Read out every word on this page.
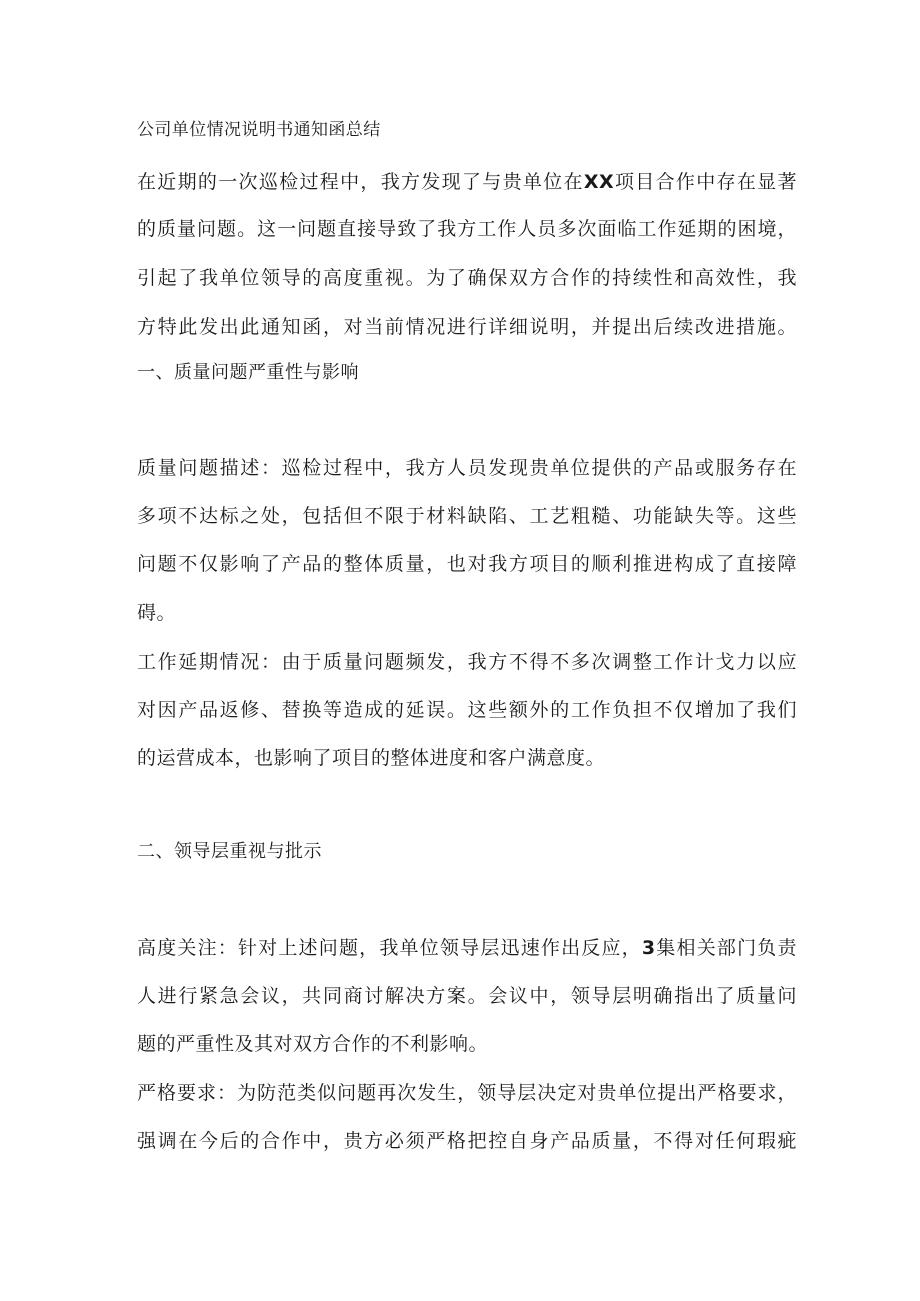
公司单位情况说明书通知函总结
在近期的一次巡检过程中，我方发现了与贵单位在XX项目合作中存在显著
的质量问题。这一问题直接导致了我方工作人员多次面临工作延期的困境，
引起了我单位领导的高度重视。为了确保双方合作的持续性和高效性，我
方特此发出此通知函，对当前情况进行详细说明，并提出后续改进措施。
一、质量问题严重性与影响
质量问题描述：巡检过程中，我方人员发现贵单位提供的产品或服务存在
多项不达标之处，包括但不限于材料缺陷、工艺粗糙、功能缺失等。这些
问题不仅影响了产品的整体质量，也对我方项目的顺利推进构成了直接障
碍。
工作延期情况：由于质量问题频发，我方不得不多次调整工作计戈力以应
对因产品返修、替换等造成的延误。这些额外的工作负担不仅增加了我们
的运营成本，也影响了项目的整体进度和客户满意度。
二、领导层重视与批示
高度关注：针对上述问题，我单位领导层迅速作出反应，3集相关部门负责
人进行紧急会议，共同商讨解决方案。会议中，领导层明确指出了质量问
题的严重性及其对双方合作的不利影响。
严格要求：为防范类似问题再次发生，领导层决定对贵单位提出严格要求，
强调在今后的合作中，贵方必须严格把控自身产品质量，不得对任何瑕疵
